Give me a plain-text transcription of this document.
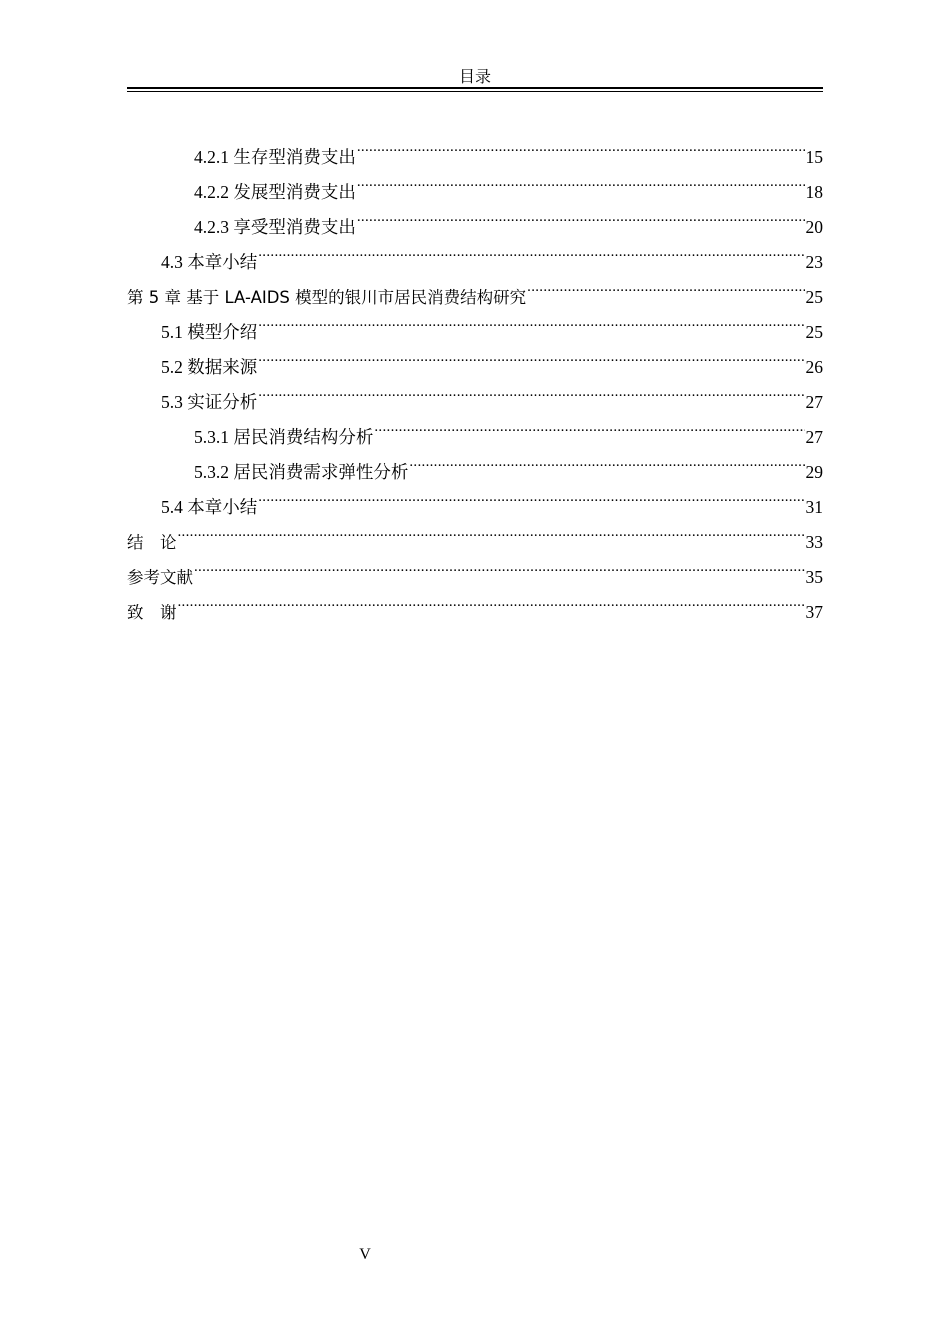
目录
4.2.1 生存型消费支出 .....	15
4.2.2 发展型消费支出 .....	18
4.2.3 享受型消费支出 .....	20
4.3 本章小结 .....	23
第 5 章 基于 LA-AIDS 模型的银川市居民消费结构研究 .....	25
5.1 模型介绍 .....	25
5.2 数据来源 .....	26
5.3 实证分析 .....	27
5.3.1 居民消费结构分析 .....	27
5.3.2 居民消费需求弹性分析 .....	29
5.4 本章小结 .....	31
结　论 .....	33
参考文献 .....	35
致　谢 .....	37
V
